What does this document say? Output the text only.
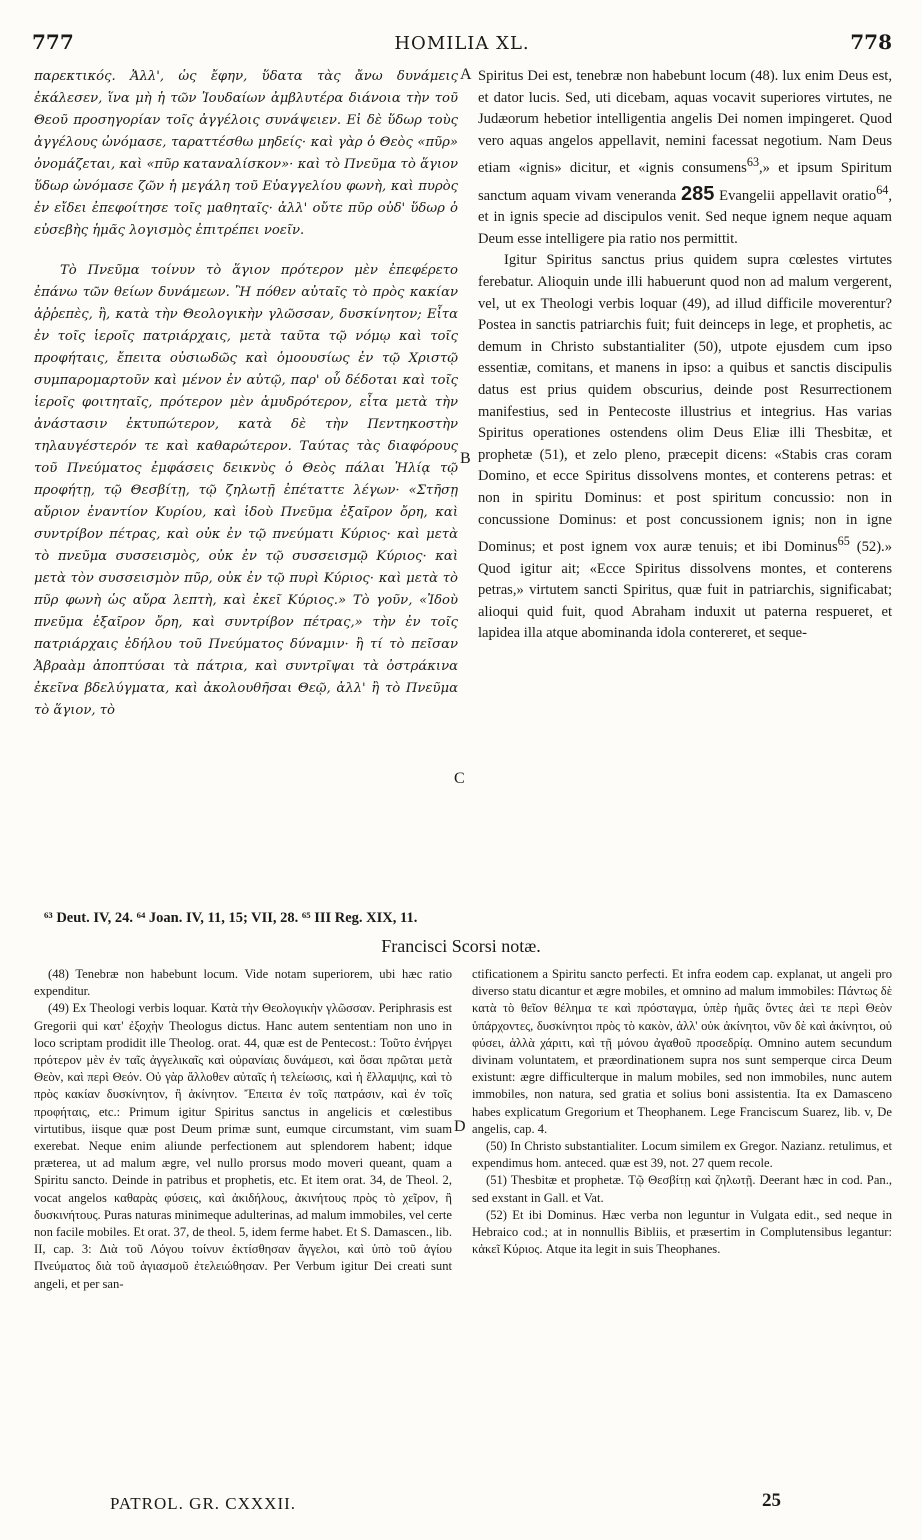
777	HOMILIA XL.	778

παρεκτικός. Ἀλλ', ὡς ἔφην, ὕδατα τὰς ἄνω δυνάμεις ἐκάλεσεν, ἵνα μὴ ἡ τῶν Ἰουδαίων ἀμβλυτέρα διάνοια τὴν τοῦ Θεοῦ προσηγορίαν τοῖς ἀγγέλοις συνάψειεν. Εἰ δὲ ὕδωρ τοὺς ἀγγέλους ὠνόμασε, ταραττέσθω μηδείς· καὶ γὰρ ὁ Θεὸς «πῦρ» ὀνομάζεται, καὶ «πῦρ καταναλίσκον»· καὶ τὸ Πνεῦμα τὸ ἅγιον ὕδωρ ὠνόμασε ζῶν ἡ μεγάλη τοῦ Εὐαγγελίου φωνὴ, καὶ πυρὸς ἐν εἴδει ἐπεφοίτησε τοῖς μαθηταῖς· ἀλλ' οὔτε πῦρ οὐδ' ὕδωρ ὁ εὐσεβὴς ἡμᾶς λογισμὸς ἐπιτρέπει νοεῖν.

Τὸ Πνεῦμα τοίνυν τὸ ἅγιον πρότερον μὲν ἐπεφέρετο ἐπάνω τῶν θείων δυνάμεων. Ἢ πόθεν αὐταῖς τὸ πρὸς κακίαν ἀῤῥεπὲς, ἢ, κατὰ τὴν Θεολογικὴν γλῶσσαν, δυσκίνητον; Εἶτα ἐν τοῖς ἱεροῖς πατριάρχαις, μετὰ ταῦτα τῷ νόμῳ καὶ τοῖς προφήταις, ἔπειτα οὐσιωδῶς καὶ ὁμοουσίως ἐν τῷ Χριστῷ συμπαρομαρτοῦν καὶ μένον ἐν αὐτῷ, παρ' οὗ δέδοται καὶ τοῖς ἱεροῖς φοιτηταῖς, πρότερον μὲν ἀμυδρότερον, εἶτα μετὰ τὴν ἀνάστασιν ἐκτυπώτερον, κατὰ δὲ τὴν Πεντηκοστὴν τηλαυγέστερόν τε καὶ καθαρώτερον. Ταύτας τὰς διαφόρους τοῦ Πνεύματος ἐμφάσεις δεικνὺς ὁ Θεὸς πάλαι Ἠλίᾳ τῷ προφήτῃ, τῷ Θεσβίτῃ, τῷ ζηλωτῇ ἐπέταττε λέγων· «Στῆσῃ αὔριον ἐναντίον Κυρίου, καὶ ἰδοὺ Πνεῦμα ἐξαῖρον ὄρη, καὶ συντρίβον πέτρας, καὶ οὐκ ἐν τῷ πνεύματι Κύριος· καὶ μετὰ τὸ πνεῦμα συσσεισμὸς, οὐκ ἐν τῷ συσσεισμῷ Κύριος· καὶ μετὰ τὸν συσσεισμὸν πῦρ, οὐκ ἐν τῷ πυρὶ Κύριος· καὶ μετὰ τὸ πῦρ φωνὴ ὡς αὔρα λεπτὴ, καὶ ἐκεῖ Κύριος.» Τὸ γοῦν, «Ἰδοὺ πνεῦμα ἐξαῖρον ὄρη, καὶ συντρίβον πέτρας,» τὴν ἐν τοῖς πατριάρχαις ἐδήλου τοῦ Πνεύματος δύναμιν· ἢ τί τὸ πεῖσαν Ἀβραὰμ ἀποπτύσαι τὰ πάτρια, καὶ συντρῖψαι τὰ ὀστράκινα ἐκεῖνα βδελύγματα, καὶ ἀκολουθῆσαι Θεῷ, ἀλλ' ἢ τὸ Πνεῦμα τὸ ἅγιον, τὸ

Spiritus Dei est, tenebræ non habebunt locum (48). lux enim Deus est, et dator lucis. Sed, uti dicebam, aquas vocavit superiores virtutes, ne Judæorum hebetior intelligentia angelis Dei nomen impingeret. Quod vero aquas angelos appellavit, nemini facessat negotium. Nam Deus etiam «ignis» dicitur, et «ignis consumens$^{63}$,» et ipsum Spiritum sanctum aquam vivam veneranda 285 Evangelii appellavit oratio$^{64}$, et in ignis specie ad discipulos venit. Sed neque ignem neque aquam Deum esse intelligere pia ratio nos permittit.

Igitur Spiritus sanctus prius quidem supra cœlestes virtutes ferebatur. Alioquin unde illi habuerunt quod non ad malum vergerent, vel, ut ex Theologi verbis loquar (49), ad illud difficile moverentur? Postea in sanctis patriarchis fuit; fuit deinceps in lege, et prophetis, ac demum in Christo substantialiter (50), utpote ejusdem cum ipso essentiæ, comitans, et manens in ipso: a quibus et sanctis discipulis datus est prius quidem obscurius, deinde post Resurrectionem manifestius, sed in Pentecoste illustrius et integrius. Has varias Spiritus operationes ostendens olim Deus Eliæ illi Thesbitæ, et prophetæ (51), et zelo pleno, præcepit dicens: «Stabis cras coram Domino, et ecce Spiritus dissolvens montes, et conterens petras: et non in spiritu Dominus: et post spiritum concussio: non in concussione Dominus: et post concussionem ignis; non in igne Dominus; et post ignem vox auræ tenuis; et ibi Dominus$^{65}$ (52).» Quod igitur ait; «Ecce Spiritus dissolvens montes, et conterens petras,» virtutem sancti Spiritus, quæ fuit in patriarchis, significabat; alioqui quid fuit, quod Abraham induxit ut paterna respueret, et lapidea illa atque abominanda idola contereret, et seque-

A
B
C
D
⁶³ Deut. IV, 24. ⁶⁴ Joan. IV, 11, 15; VII, 28. ⁶⁵ III Reg. XIX, 11.
Francisci Scorsi notæ.

(48) Tenebræ non habebunt locum. Vide notam superiorem, ubi hæc ratio expenditur.

(49) Ex Theologi verbis loquar. Κατὰ τὴν Θεολογικὴν γλῶσσαν. Periphrasis est Gregorii qui κατ' ἐξοχὴν Theologus dictus. Hanc autem sententiam non uno in loco scriptam prodidit ille Theolog. orat. 44, quæ est de Pentecost.: Τοῦτο ἐνήργει πρότερον μὲν ἐν ταῖς ἀγγελικαῖς καὶ οὐρανίαις δυνάμεσι, καὶ ὅσαι πρῶται μετὰ Θεὸν, καὶ περὶ Θεόν. Οὐ γὰρ ἄλλοθεν αὐταῖς ἡ τελείωσις, καὶ ἡ ἔλλαμψις, καὶ τὸ πρὸς κακίαν δυσκίνητον, ἢ ἀκίνητον. Ἔπειτα ἐν τοῖς πατράσιν, καὶ ἐν τοῖς προφήταις, etc.: Primum igitur Spiritus sanctus in angelicis et cœlestibus virtutibus, iisque quæ post Deum primæ sunt, eumque circumstant, vim suam exerebat. Neque enim aliunde perfectionem aut splendorem habent; idque præterea, ut ad malum ægre, vel nullo prorsus modo moveri queant, quam a Spiritu sancto. Deinde in patribus et prophetis, etc. Et item orat. 34, de Theol. 2, vocat angelos καθαρὰς φύσεις, καὶ ἀκιδήλους, ἀκινήτους πρὸς τὸ χεῖρον, ἢ δυσκινήτους. Puras naturas minimeque adulterinas, ad malum immobiles, vel certe non facile mobiles. Et orat. 37, de theol. 5, idem ferme habet. Et S. Damascen., lib. II, cap. 3: Διὰ τοῦ Λόγου τοίνυν ἐκτίσθησαν ἄγγελοι, καὶ ὑπὸ τοῦ ἁγίου Πνεύματος διὰ τοῦ ἁγιασμοῦ ἐτελειώθησαν. Per Verbum igitur Dei creati sunt angeli, et per san-

ctificationem a Spiritu sancto perfecti. Et infra eodem cap. explanat, ut angeli pro diverso statu dicantur et ægre mobiles, et omnino ad malum immobiles: Πάντως δὲ κατὰ τὸ θεῖον θέλημα τε καὶ πρόσταγμα, ὑπὲρ ἡμᾶς ὄντες ἀεὶ τε περὶ Θεὸν ὑπάρχοντες, δυσκίνητοι πρὸς τὸ κακὸν, ἀλλ' οὐκ ἀκίνητοι, νῦν δὲ καὶ ἀκίνητοι, οὐ φύσει, ἀλλὰ χάριτι, καὶ τῇ μόνου ἀγαθοῦ προσεδρίᾳ. Omnino autem secundum divinam voluntatem, et præordinationem supra nos sunt semperque circa Deum existunt: ægre difficulterque in malum mobiles, sed non immobiles, nunc autem immobiles, non natura, sed gratia et solius boni assistentia. Ita ex Damasceno habes explicatum Gregorium et Theophanem. Lege Franciscum Suarez, lib. v, De angelis, cap. 4.

(50) In Christo substantialiter. Locum similem ex Gregor. Nazianz. retulimus, et expendimus hom. anteced. quæ est 39, not. 27 quem recole.

(51) Thesbitæ et prophetæ. Τῷ Θεσβίτῃ καὶ ζηλωτῇ. Deerant hæc in cod. Pan., sed exstant in Gall. et Vat.

(52) Et ibi Dominus. Hæc verba non leguntur in Vulgata edit., sed neque in Hebraico cod.; at in nonnullis Bibliis, et præsertim in Complutensibus legantur: κἀκεῖ Κύριος. Atque ita legit in suis Theophanes.

PATROL. GR. CXXXII.	25
